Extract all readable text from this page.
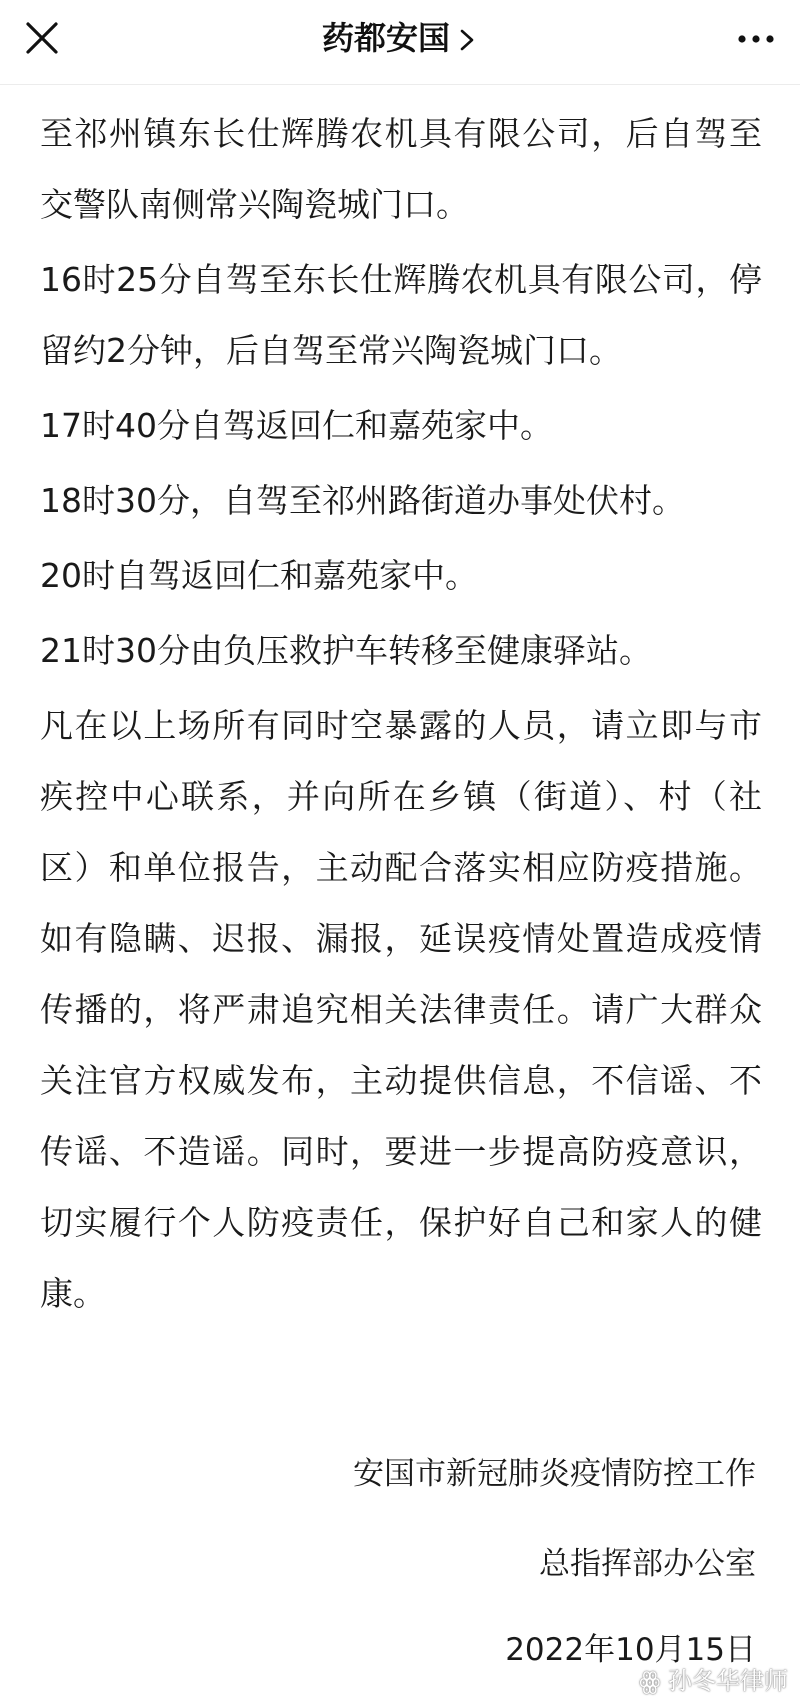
药都安国

至祁州镇东长仕辉腾农机具有限公司，后自驾至交警队南侧常兴陶瓷城门口。

16时25分自驾至东长仕辉腾农机具有限公司，停留约2分钟，后自驾至常兴陶瓷城门口。

17时40分自驾返回仁和嘉苑家中。

18时30分，自驾至祁州路街道办事处伏村。

20时自驾返回仁和嘉苑家中。

21时30分由负压救护车转移至健康驿站。

凡在以上场所有同时空暴露的人员，请立即与市疾控中心联系，并向所在乡镇（街道）、村（社区）和单位报告，主动配合落实相应防疫措施。如有隐瞒、迟报、漏报，延误疫情处置造成疫情传播的，将严肃追究相关法律责任。请广大群众关注官方权威发布，主动提供信息，不信谣、不传谣、不造谣。同时，要进一步提高防疫意识，切实履行个人防疫责任，保护好自己和家人的健康。

安国市新冠肺炎疫情防控工作
总指挥部办公室
2022年10月15日
ꙮ 孙冬华律师
